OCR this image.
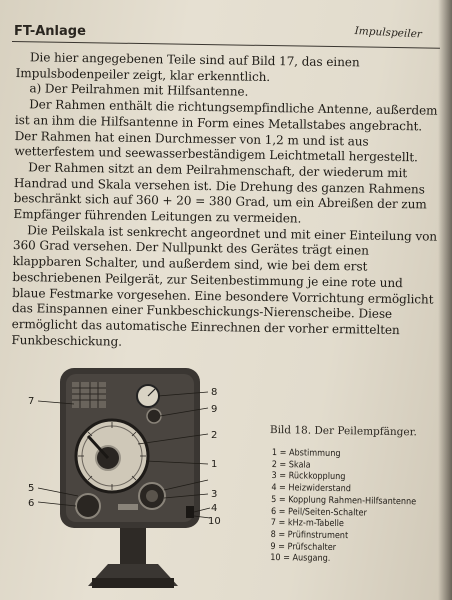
FT-Anlage	Impulspeiler

Die hier angegebenen Teile sind auf Bild 17, das einen Impulsbodenpeiler zeigt, klar erkenntlich.

a) Der Peilrahmen mit Hilfsantenne.

Der Rahmen enthält die richtungsempfindliche Antenne, außerdem ist an ihm die Hilfsantenne in Form eines Metallstabes angebracht. Der Rahmen hat einen Durchmesser von 1,2 m und ist aus wetterfestem und seewasserbeständigem Leichtmetall hergestellt.

Der Rahmen sitzt an dem Peilrahmenschaft, der wiederum mit Handrad und Skala versehen ist. Die Drehung des ganzen Rahmens beschränkt sich auf 360 + 20 = 380 Grad, um ein Abreißen der zum Empfänger führenden Leitungen zu vermeiden.

Die Peilskala ist senkrecht angeordnet und mit einer Einteilung von 360 Grad versehen. Der Nullpunkt des Gerätes trägt einen klappbaren Schalter, und außerdem sind, wie bei dem erst beschriebenen Peilgerät, zur Seitenbestimmung je eine rote und blaue Festmarke vorgesehen. Eine besondere Vorrichtung ermöglicht das Einspannen einer Funkbeschickungs-Nierenscheibe. Diese ermöglicht das automatische Einrechnen der vorher ermittelten Funkbeschickung.

7
8
9
1
2
5
6
3
4
10
Bild 18. Der Peilempfänger.
1 = Abstimmung
2 = Skala
3 = Rückkopplung
4 = Heizwiderstand
5 = Kopplung Rahmen-Hilfsantenne
6 = Peil/Seiten-Schalter
7 = kHz-m-Tabelle
8 = Prüfinstrument
9 = Prüfschalter
10 = Ausgang.
